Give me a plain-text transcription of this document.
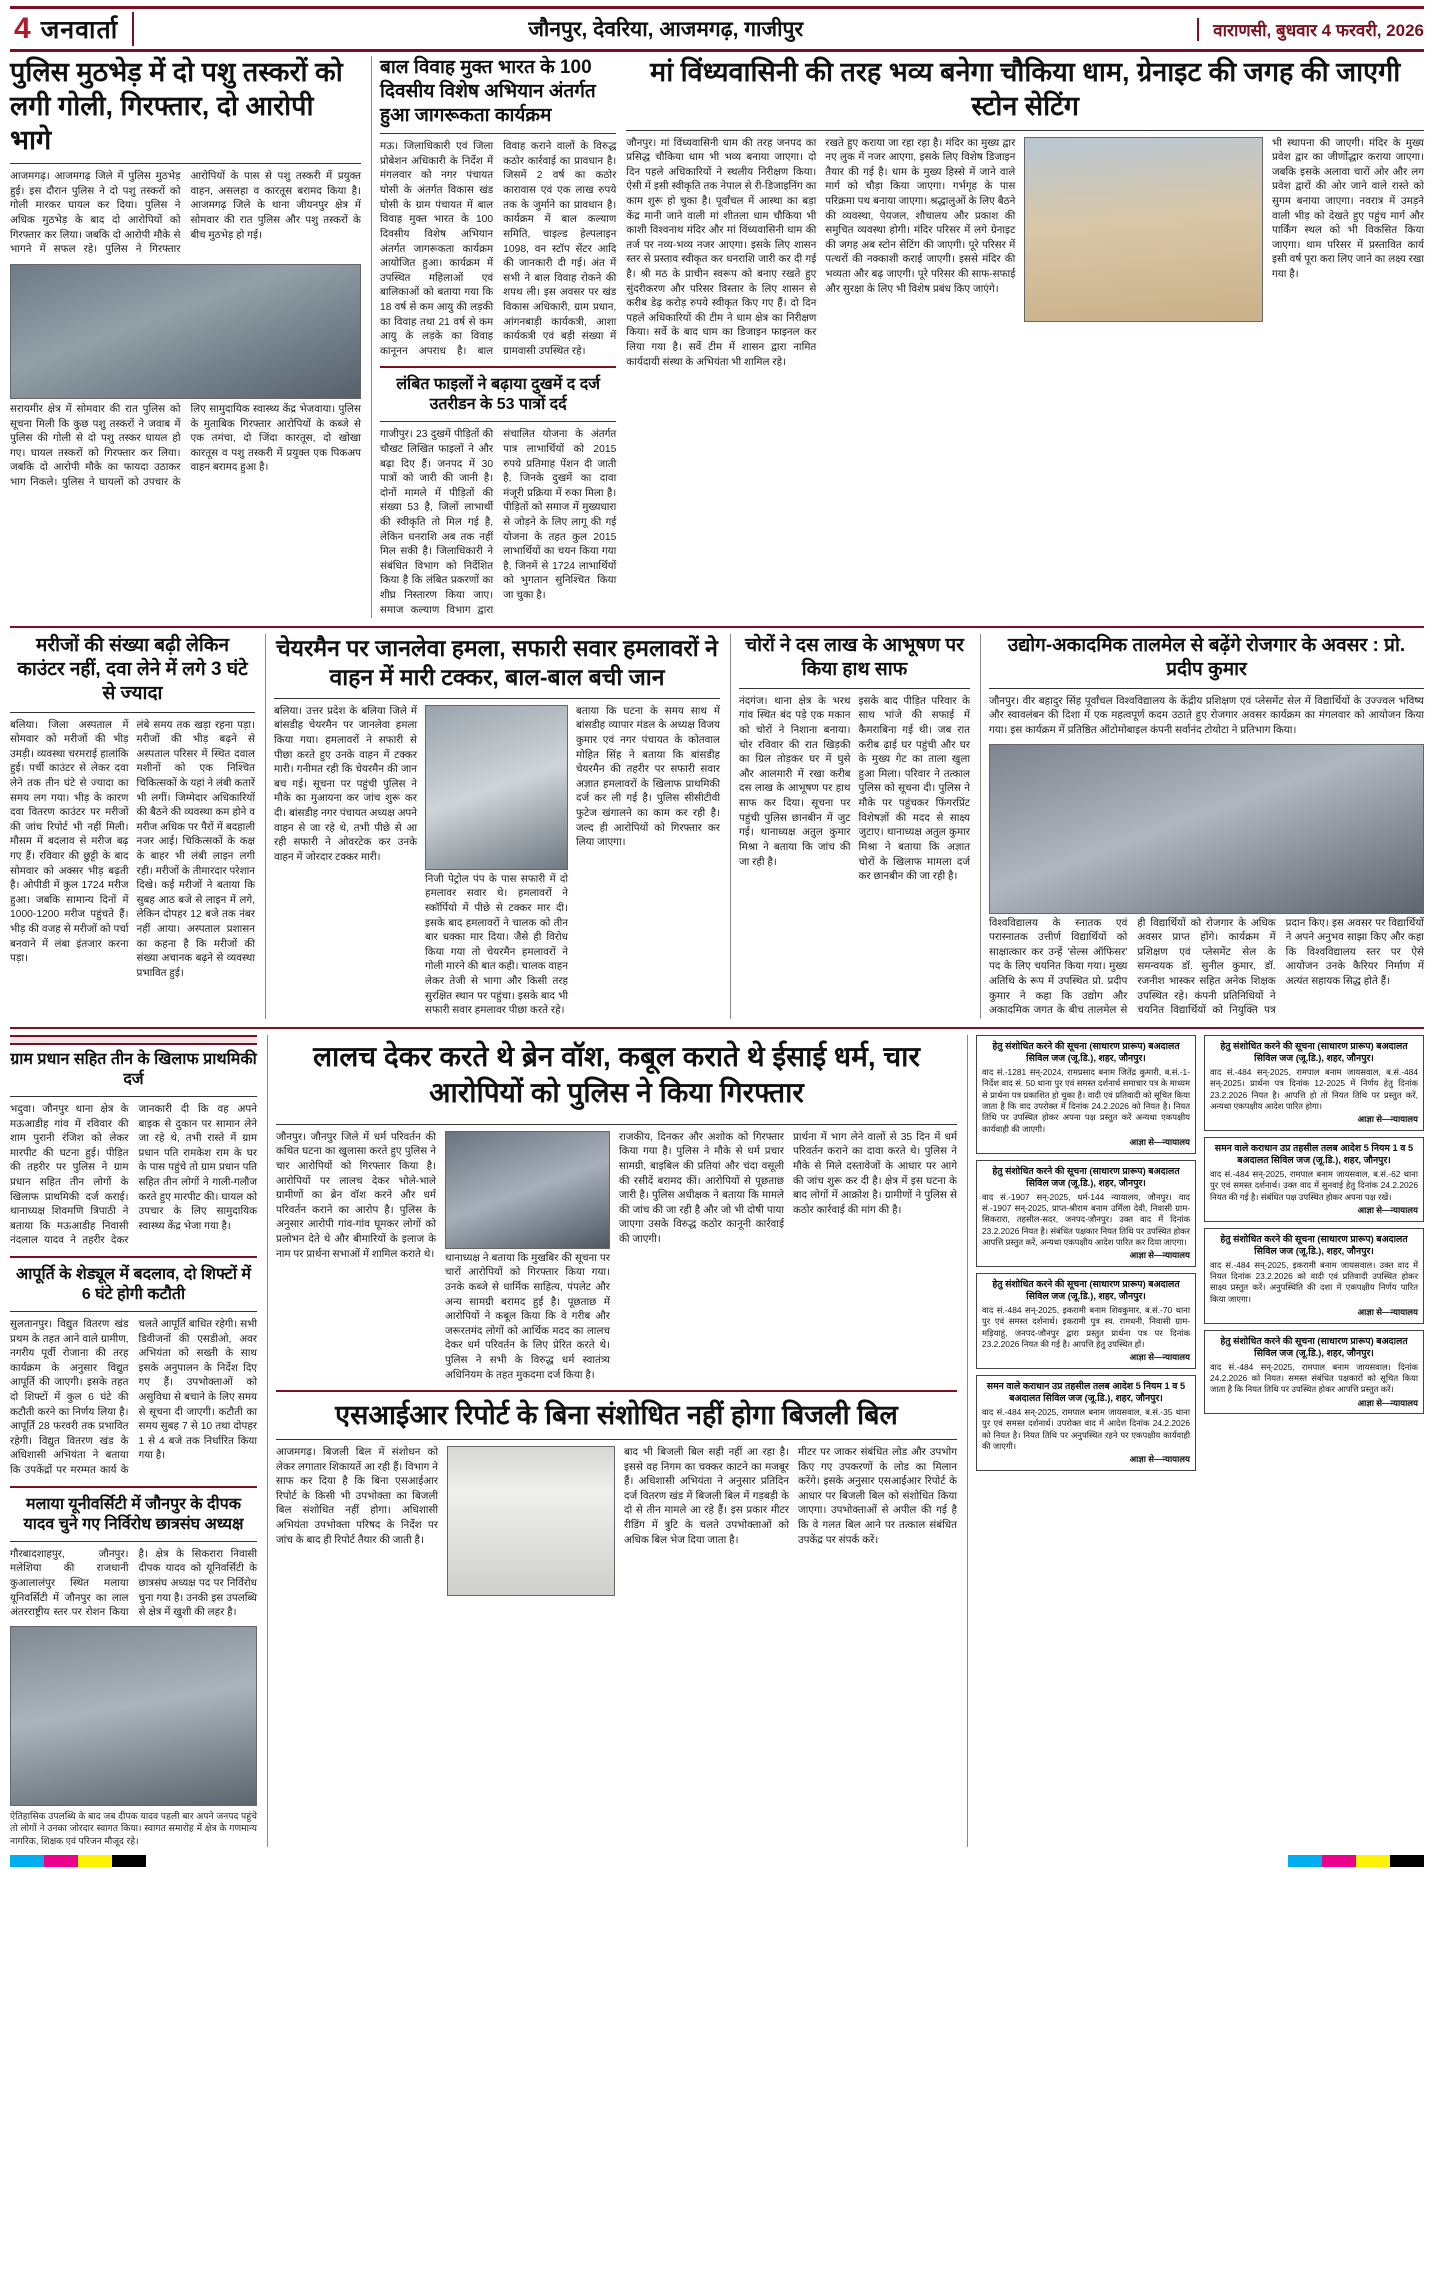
4 जनवार्ता	जौनपुर, देवरिया, आजमगढ़, गाजीपुर	वाराणसी, बुधवार 4 फरवरी, 2026
पुलिस मुठभेड़ में दो पशु तस्करों को लगी गोली, गिरफ्तार, दो आरोपी भागे
आजमगढ़। आजमगढ़ जिले में पुलिस मुठभेड़ हुई। इस दौरान पुलिस ने दो पशु तस्करों को गोली मारकर घायल कर दिया। पुलिस ने अधिक मुठभेड़ के बाद दो आरोपियों को गिरफ्तार कर लिया। जबकि दो आरोपी मौके से भागने में सफल रहे। पुलिस ने गिरफ्तार आरोपियों के पास से पशु तस्करी में प्रयुक्त वाहन, असलहा व कारतूस बरामद किया है। आजमगढ़ जिले के थाना जीयनपुर क्षेत्र में सोमवार की रात पुलिस और पशु तस्करों के बीच मुठभेड़ हो गई।
सरायमीर क्षेत्र में सोमवार की रात पुलिस को सूचना मिली कि कुछ पशु तस्करों ने जवाब में पुलिस की गोली से दो पशु तस्कर घायल हो गए। घायल तस्करों को गिरफ्तार कर लिया। जबकि दो आरोपी मौके का फायदा उठाकर भाग निकले। पुलिस ने घायलों को उपचार के लिए सामुदायिक स्वास्थ्य केंद्र भेजवाया। पुलिस के मुताबिक गिरफ्तार आरोपियों के कब्जे से एक तमंचा, दो जिंदा कारतूस, दो खोखा कारतूस व पशु तस्करी में प्रयुक्त एक पिकअप वाहन बरामद हुआ है।
बाल विवाह मुक्त भारत के 100 दिवसीय विशेष अभियान अंतर्गत हुआ जागरूकता कार्यक्रम
मऊ। जिलाधिकारी एवं जिला प्रोबेशन अधिकारी के निर्देश में मंगलवार को नगर पंचायत घोसी के अंतर्गत विकास खंड घोसी के ग्राम पंचायत में बाल विवाह मुक्त भारत के 100 दिवसीय विशेष अभियान अंतर्गत जागरूकता कार्यक्रम आयोजित हुआ। कार्यक्रम में उपस्थित महिलाओं एवं बालिकाओं को बताया गया कि 18 वर्ष से कम आयु की लड़की का विवाह तथा 21 वर्ष से कम आयु के लड़के का विवाह कानूनन अपराध है। बाल विवाह कराने वालों के विरुद्ध कठोर कार्रवाई का प्रावधान है। जिसमें 2 वर्ष का कठोर कारावास एवं एक लाख रुपये तक के जुर्माने का प्रावधान है। कार्यक्रम में बाल कल्याण समिति, चाइल्ड हेल्पलाइन 1098, वन स्टॉप सेंटर आदि की जानकारी दी गई। अंत में सभी ने बाल विवाह रोकने की शपथ ली। इस अवसर पर खंड विकास अधिकारी, ग्राम प्रधान, आंगनबाड़ी कार्यकत्री, आशा कार्यकत्री एवं बड़ी संख्या में ग्रामवासी उपस्थित रहे।
लंबित फाइलों ने बढ़ाया दुखमें द दर्ज उतरीडन के 53 पात्रों दर्द
गाजीपुर। 23 दुखमें पीड़ितों की चौखट लिखित फाइलों ने और बढ़ा दिए हैं। जनपद में 30 पात्रों को जारी की जानी है। दोनों मामले में पीड़ितों की संख्या 53 है, जिलों लाभार्थी की स्वीकृति तो मिल गई है, लेकिन धनराशि अब तक नहीं मिल सकी है। जिलाधिकारी ने संबंधित विभाग को निर्देशित किया है कि लंबित प्रकरणों का शीघ्र निस्तारण किया जाए। समाज कल्याण विभाग द्वारा संचालित योजना के अंतर्गत पात्र लाभार्थियों को 2015 रुपये प्रतिमाह पेंशन दी जाती है, जिनके दुखमें का दावा मंजूरी प्रक्रिया में रुका मिला है। पीड़ितों को समाज में मुख्यधारा से जोड़ने के लिए लागू की गई योजना के तहत कुल 2015 लाभार्थियों का चयन किया गया है, जिनमें से 1724 लाभार्थियों को भुगतान सुनिश्चित किया जा चुका है।
मां विंध्यवासिनी की तरह भव्य बनेगा चौकिया धाम, ग्रेनाइट की जगह की जाएगी स्टोन सेटिंग
जौनपुर। मां विंध्यवासिनी धाम की तरह जनपद का प्रसिद्ध चौकिया धाम भी भव्य बनाया जाएगा। दो दिन पहले अधिकारियों ने स्थलीय निरीक्षण किया। ऐसी में इसी स्वीकृति तक नेपाल से री-डिजाइनिंग का काम शुरू हो चुका है। पूर्वांचल में आस्था का बड़ा केंद्र मानी जाने वाली मां शीतला धाम चौकिया भी काशी विश्वनाथ मंदिर और मां विंध्यवासिनी धाम की तर्ज पर नव्य-भव्य नजर आएगा। इसके लिए शासन स्तर से प्रस्ताव स्वीकृत कर धनराशि जारी कर दी गई है। श्री मठ के प्राचीन स्वरूप को बनाए रखते हुए सुंदरीकरण और परिसर विस्तार के लिए शासन से करीब डेढ़ करोड़ रुपये स्वीकृत किए गए हैं। दो दिन पहले अधिकारियों की टीम ने धाम क्षेत्र का निरीक्षण किया। सर्वे के बाद धाम का डिजाइन फाइनल कर लिया गया है। सर्वे टीम में शासन द्वारा नामित कार्यदायी संस्था के अभियंता भी शामिल रहे।
रखते हुए कराया जा रहा रहा है। मंदिर का मुख्य द्वार नए लुक में नजर आएगा, इसके लिए विशेष डिजाइन तैयार की गई है। धाम के मुख्य हिस्से में जाने वाले मार्ग को चौड़ा किया जाएगा। गर्भगृह के पास परिक्रमा पथ बनाया जाएगा। श्रद्धालुओं के लिए बैठने की व्यवस्था, पेयजल, शौचालय और प्रकाश की समुचित व्यवस्था होगी। मंदिर परिसर में लगे ग्रेनाइट की जगह अब स्टोन सेटिंग की जाएगी। पूरे परिसर में पत्थरों की नक्काशी कराई जाएगी। इससे मंदिर की भव्यता और बढ़ जाएगी। पूरे परिसर की साफ-सफाई और सुरक्षा के लिए भी विशेष प्रबंध किए जाएंगे।
भी स्थापना की जाएगी। मंदिर के मुख्य प्रवेश द्वार का जीर्णोद्धार कराया जाएगा। जबकि इसके अलावा चारों ओर और लग प्रवेश द्वारों की ओर जाने वाले रास्ते को सुगम बनाया जाएगा। नवरात्र में उमड़ने वाली भीड़ को देखते हुए पहुंच मार्ग और पार्किंग स्थल को भी विकसित किया जाएगा। धाम परिसर में प्रस्तावित कार्य इसी वर्ष पूरा करा लिए जाने का लक्ष्य रखा गया है।
मरीजों की संख्या बढ़ी लेकिन काउंटर नहीं, दवा लेने में लगे 3 घंटे से ज्यादा
बलिया। जिला अस्पताल में सोमवार को मरीजों की भीड़ उमड़ी। व्यवस्था चरमराई हालांकि हुई। पर्ची काउंटर से लेकर दवा लेने तक तीन घंटे से ज्यादा का समय लग गया। भीड़ के कारण दवा वितरण काउंटर पर मरीजों की जांच रिपोर्ट भी नहीं मिली। मौसम में बदलाव से मरीज बढ़ गए हैं। रविवार की छुट्टी के बाद सोमवार को अक्सर भीड़ बढ़ती है। ओपीडी में कुल 1724 मरीज हुआ। जबकि सामान्य दिनों में 1000-1200 मरीज पहुंचते हैं। भीड़ की वजह से मरीजों को पर्चा बनवाने में लंबा इंतजार करना पड़ा।
लंबे समय तक खड़ा रहना पड़ा। मरीजों की भीड़ बढ़ने से अस्पताल परिसर में स्थित दवाल मशीनों को एक निश्चित चिकित्सकों के यहां ने लंबी कतारें भी लगीं। जिम्मेदार अधिकारियों की बैठने की व्यवस्था कम होने व मरीज अधिक पर पैरों में बदहाली नजर आई। चिकित्सकों के कक्ष के बाहर भी लंबी लाइन लगी रही। मरीजों के तीमारदार परेशान दिखे। कई मरीजों ने बताया कि सुबह आठ बजे से लाइन में लगे, लेकिन दोपहर 12 बजे तक नंबर नहीं आया। अस्पताल प्रशासन का कहना है कि मरीजों की संख्या अचानक बढ़ने से व्यवस्था प्रभावित हुई।
चेयरमैन पर जानलेवा हमला, सफारी सवार हमलावरों ने वाहन में मारी टक्कर, बाल-बाल बची जान
बलिया। उत्तर प्रदेश के बलिया जिले में बांसडीह चेयरमैन पर जानलेवा हमला किया गया। हमलावरों ने सफारी से पीछा करते हुए उनके वाहन में टक्कर मारी। गनीमत रही कि चेयरमैन की जान बच गई। सूचना पर पहुंची पुलिस ने मौके का मुआयना कर जांच शुरू कर दी। बांसडीह नगर पंचायत अध्यक्ष अपने वाहन से जा रहे थे, तभी पीछे से आ रही सफारी ने ओवरटेक कर उनके वाहन में जोरदार टक्कर मारी।
निजी पेट्रोल पंप के पास सफारी में दो हमलावर सवार थे। हमलावरों ने स्कॉर्पियो में पीछे से टक्कर मार दी। इसके बाद हमलावरों ने चालक को तीन बार धक्का मार दिया। जैसे ही विरोध किया गया तो चेयरमैन हमलावरों ने गोली मारने की बात कही। चालक वाहन लेकर तेजी से भागा और किसी तरह सुरक्षित स्थान पर पहुंचा। इसके बाद भी सफारी सवार हमलावर पीछा करते रहे।
बताया कि घटना के समय साथ में बांसडीह व्यापार मंडल के अध्यक्ष विजय कुमार एवं नगर पंचायत के कोतवाल मोहित सिंह ने बताया कि बांसडीह चेयरमैन की तहरीर पर सफारी सवार अज्ञात हमलावरों के खिलाफ प्राथमिकी दर्ज कर ली गई है। पुलिस सीसीटीवी फुटेज खंगालने का काम कर रही है। जल्द ही आरोपियों को गिरफ्तार कर लिया जाएगा।
चोरों ने दस लाख के आभूषण पर किया हाथ साफ
नंदगंज। थाना क्षेत्र के भरथ गांव स्थित बंद पड़े एक मकान को चोरों ने निशाना बनाया। चोर रविवार की रात खिड़की का ग्रिल तोड़कर घर में घुसे और आलमारी में रखा करीब दस लाख के आभूषण पर हाथ साफ कर दिया। सूचना पर पहुंची पुलिस छानबीन में जुट गई। थानाध्यक्ष अतुल कुमार मिश्रा ने बताया कि जांच की जा रही है।
इसके बाद पीड़ित परिवार के साथ भांजे की सफाई में कैमराबिना गई थी। जब रात करीब ढ़ाई घर पहुंची और घर के मुख्य गेट का ताला खुला हुआ मिला। परिवार ने तत्काल पुलिस को सूचना दी। पुलिस ने मौके पर पहुंचकर फिंगरप्रिंट विशेषज्ञों की मदद से साक्ष्य जुटाए। थानाध्यक्ष अतुल कुमार मिश्रा ने बताया कि अज्ञात चोरों के खिलाफ मामला दर्ज कर छानबीन की जा रही है।
उद्योग-अकादमिक तालमेल से बढ़ेंगे रोजगार के अवसर : प्रो. प्रदीप कुमार
जौनपुर। वीर बहादुर सिंह पूर्वांचल विश्वविद्यालय के केंद्रीय प्रशिक्षण एवं प्लेसमेंट सेल में विद्यार्थियों के उज्ज्वल भविष्य और स्वावलंबन की दिशा में एक महत्वपूर्ण कदम उठाते हुए रोजगार अवसर कार्यक्रम का मंगलवार को आयोजन किया गया। इस कार्यक्रम में प्रतिष्ठित ऑटोमोबाइल कंपनी सर्वानंद टोयोटा ने प्रतिभाग किया।
विश्वविद्यालय के स्नातक एवं परास्नातक उत्तीर्ण विद्यार्थियों को साक्षात्कार कर उन्हें 'सेल्स ऑफिसर' पद के लिए चयनित किया गया। मुख्य अतिथि के रूप में उपस्थित प्रो. प्रदीप कुमार ने कहा कि उद्योग और अकादमिक जगत के बीच तालमेल से ही विद्यार्थियों को रोजगार के अधिक अवसर प्राप्त होंगे। कार्यक्रम में प्रशिक्षण एवं प्लेसमेंट सेल के समन्वयक डॉ. सुनील कुमार, डॉ. रजनीश भास्कर सहित अनेक शिक्षक उपस्थित रहे। कंपनी प्रतिनिधियों ने चयनित विद्यार्थियों को नियुक्ति पत्र प्रदान किए। इस अवसर पर विद्यार्थियों ने अपने अनुभव साझा किए और कहा कि विश्वविद्यालय स्तर पर ऐसे आयोजन उनके कैरियर निर्माण में अत्यंत सहायक सिद्ध होते हैं।
ग्राम प्रधान सहित तीन के खिलाफ प्राथमिकी दर्ज
भदुवा। जौनपुर थाना क्षेत्र के मऊआडीह गांव में रविवार की शाम पुरानी रंजिश को लेकर मारपीट की घटना हुई। पीड़ित की तहरीर पर पुलिस ने ग्राम प्रधान सहित तीन लोगों के खिलाफ प्राथमिकी दर्ज कराई। थानाध्यक्ष शिवमणि त्रिपाठी ने बताया कि मऊआडीह निवासी नंदलाल यादव ने तहरीर देकर जानकारी दी कि वह अपने बाइक से दुकान पर सामान लेने जा रहे थे, तभी रास्ते में ग्राम प्रधान पति रामकेश राम के घर के पास पहुंचे तो ग्राम प्रधान पति सहित तीन लोगों ने गाली-गलौज करते हुए मारपीट की। घायल को उपचार के लिए सामुदायिक स्वास्थ्य केंद्र भेजा गया है।
आपूर्ति के शेड्यूल में बदलाव, दो शिफ्टों में 6 घंटे होगी कटौती
सुलतानपुर। विद्युत वितरण खंड प्रथम के तहत आने वाले ग्रामीण, नगरीय पूर्वी रोजाना की तरह कार्यक्रम के अनुसार विद्युत आपूर्ति की जाएगी। इसके तहत दो शिफ्टों में कुल 6 घंटे की कटौती करने का निर्णय लिया है। आपूर्ति 28 फरवरी तक प्रभावित रहेगी। विद्युत वितरण खंड के अधिशासी अभियंता ने बताया कि उपकेंद्रों पर मरम्मत कार्य के चलते आपूर्ति बाधित रहेगी। सभी डिवीजनों की एसडीओ, अवर अभियंता को सख्ती के साथ इसके अनुपालन के निर्देश दिए गए हैं। उपभोक्ताओं को असुविधा से बचाने के लिए समय से सूचना दी जाएगी। कटौती का समय सुबह 7 से 10 तथा दोपहर 1 से 4 बजे तक निर्धारित किया गया है।
मलाया यूनीवर्सिटी में जौनपुर के दीपक यादव चुने गए निर्विरोध छात्रसंघ अध्यक्ष
गौरबादशाहपुर, जौनपुर। मलेशिया की राजधानी कुआलालंपुर स्थित मलाया यूनिवर्सिटी में जौनपुर का लाल अंतरराष्ट्रीय स्तर पर रोशन किया है। क्षेत्र के सिकरारा निवासी दीपक यादव को यूनिवर्सिटी के छात्रसंघ अध्यक्ष पद पर निर्विरोध चुना गया है। उनकी इस उपलब्धि से क्षेत्र में खुशी की लहर है।
ऐतिहासिक उपलब्धि के बाद जब दीपक यादव पहली बार अपने जनपद पहुंचे तो लोगों ने उनका जोरदार स्वागत किया। स्वागत समारोह में क्षेत्र के गणमान्य नागरिक, शिक्षक एवं परिजन मौजूद रहे।
लालच देकर करते थे ब्रेन वॉश, कबूल कराते थे ईसाई धर्म, चार आरोपियों को पुलिस ने किया गिरफ्तार
जौनपुर। जौनपुर जिले में धर्म परिवर्तन की कथित घटना का खुलासा करते हुए पुलिस ने चार आरोपियों को गिरफ्तार किया है। आरोपियों पर लालच देकर भोले-भाले ग्रामीणों का ब्रेन वॉश करने और धर्म परिवर्तन कराने का आरोप है। पुलिस के अनुसार आरोपी गांव-गांव घूमकर लोगों को प्रलोभन देते थे और बीमारियों के इलाज के नाम पर प्रार्थना सभाओं में शामिल कराते थे। थानाध्यक्ष ने बताया कि मुखबिर की सूचना पर चारों आरोपियों को गिरफ्तार किया गया। उनके कब्जे से धार्मिक साहित्य, पंपलेट और अन्य सामग्री बरामद हुई है। पूछताछ में आरोपियों ने कबूल किया कि वे गरीब और जरूरतमंद लोगों को आर्थिक मदद का लालच देकर धर्म परिवर्तन के लिए प्रेरित करते थे। पुलिस ने सभी के विरुद्ध धर्म स्वातंत्र्य अधिनियम के तहत मुकदमा दर्ज किया है।
राजकीय, दिनकर और अशोक को गिरफ्तार किया गया है। पुलिस ने मौके से धर्म प्रचार सामग्री, बाइबिल की प्रतियां और चंदा वसूली की रसीदें बरामद कीं। आरोपियों से पूछताछ जारी है। पुलिस अधीक्षक ने बताया कि मामले की जांच की जा रही है और जो भी दोषी पाया जाएगा उसके विरुद्ध कठोर कानूनी कार्रवाई की जाएगी।
प्रार्थना में भाग लेने वालों से 35 दिन में धर्म परिवर्तन कराने का दावा करते थे। पुलिस ने मौके से मिले दस्तावेजों के आधार पर आगे की जांच शुरू कर दी है। क्षेत्र में इस घटना के बाद लोगों में आक्रोश है। ग्रामीणों ने पुलिस से कठोर कार्रवाई की मांग की है।
एसआईआर रिपोर्ट के बिना संशोधित नहीं होगा बिजली बिल
आजमगढ़। बिजली बिल में संशोधन को लेकर लगातार शिकायतें आ रही हैं। विभाग ने साफ कर दिया है कि बिना एसआईआर रिपोर्ट के किसी भी उपभोक्ता का बिजली बिल संशोधित नहीं होगा। अधिशासी अभियंता उपभोक्ता परिषद के निर्देश पर जांच के बाद ही रिपोर्ट तैयार की जाती है।
बाद भी बिजली बिल सही नहीं आ रहा है। इससे वह निगम का चक्कर काटने का मजबूर हैं। अधिशासी अभियंता ने अनुसार प्रतिदिन दर्ज वितरण खंड में बिजली बिल में गड़बड़ी के दो से तीन मामले आ रहे हैं। इस प्रकार मीटर रीडिंग में त्रुटि के चलते उपभोक्ताओं को अधिक बिल भेज दिया जाता है।
मीटर पर जाकर संबंधित लोड और उपभोग किए गए उपकरणों के लोड का मिलान करेंगे। इसके अनुसार एसआईआर रिपोर्ट के आधार पर बिजली बिल को संशोधित किया जाएगा। उपभोक्ताओं से अपील की गई है कि वे गलत बिल आने पर तत्काल संबंधित उपकेंद्र पर संपर्क करें।
हेतु संशोधित करने की सूचना (साधारण प्रारूप) बअदालत सिविल जज (जू.डि.), शहर, जौनपुर।
वाद सं.-1281 सन्-2024, रामप्रसाद बनाम जितेंद्र कुमारी, ब.सं.-1-निर्देश वाद सं. 50 थाना पुर एवं समस्त दर्शनार्थ समाचार पत्र के माध्यम से प्रार्थना पत्र प्रकाशित हो चुका है। वादी एवं प्रतिवादी को सूचित किया जाता है कि वाद उपरोक्त में दिनांक 24.2.2026 को नियत है। नियत तिथि पर उपस्थित होकर अपना पक्ष प्रस्तुत करें अन्यथा एकपक्षीय कार्यवाही की जाएगी।
आज्ञा से—न्यायालय
हेतु संशोधित करने की सूचना (साधारण प्रारूप) बअदालत सिविल जज (जू.डि.), शहर, जौनपुर।
वाद सं.-1907 सन्-2025, धर्म-144 न्यायालय, जौनपुर। वाद सं.-1907 सन्-2025, प्राप्त-श्रीराम बनाम उर्मिला देवी, निवासी ग्राम-सिकरारा, तहसील-सदर, जनपद-जौनपुर। उक्त वाद में दिनांक 23.2.2026 नियत है। संबंधित पक्षकार नियत तिथि पर उपस्थित होकर आपत्ति प्रस्तुत करें, अन्यथा एकपक्षीय आदेश पारित कर दिया जाएगा।
आज्ञा से—न्यायालय
हेतु संशोधित करने की सूचना (साधारण प्रारूप) बअदालत सिविल जज (जू.डि.), शहर, जौनपुर।
वाद सं.-484 सन्-2025, इकरामी बनाम शिवकुमार, ब.सं.-70 थाना पुर एवं समस्त दर्शनार्थ। इकरामी पुत्र स्व. रामधनी, निवासी ग्राम-मड़ियाहूं, जनपद-जौनपुर द्वारा प्रस्तुत प्रार्थना पत्र पर दिनांक 23.2.2026 नियत की गई है। आपत्ति हेतु उपस्थित हों।
आज्ञा से—न्यायालय
समन वाले कराधान उप्र तहसील तलब आदेश 5 नियम 1 व 5 बअदालत सिविल जज (जू.डि.), शहर, जौनपुर।
वाद सं.-484 सन्-2025, रामपाल बनाम जायसवाल, ब.सं.-35 थाना पुर एवं समस्त दर्शनार्थ। उपरोक्त वाद में आदेश दिनांक 24.2.2026 को नियत है। नियत तिथि पर अनुपस्थित रहने पर एकपक्षीय कार्यवाही की जाएगी।
आज्ञा से—न्यायालय
हेतु संशोधित करने की सूचना (साधारण प्रारूप) बअदालत सिविल जज (जू.डि.), शहर, जौनपुर।
वाद सं.-484 सन्-2025, रामपाल बनाम जायसवाल, ब.सं.-484 सन्-2025। प्रार्थना पत्र दिनांक 12-2025 में निर्णय हेतु दिनांक 23.2.2026 नियत है। आपत्ति हो तो नियत तिथि पर प्रस्तुत करें, अन्यथा एकपक्षीय आदेश पारित होगा।
आज्ञा से—न्यायालय
समन वाले कराधान उप्र तहसील तलब आदेश 5 नियम 1 व 5 बअदालत सिविल जज (जू.डि.), शहर, जौनपुर।
वाद सं.-484 सन्-2025, रामपाल बनाम जायसवाल, ब.सं.-62 थाना पुर एवं समस्त दर्शनार्थ। उक्त वाद में सुनवाई हेतु दिनांक 24.2.2026 नियत की गई है। संबंधित पक्ष उपस्थित होकर अपना पक्ष रखें।
आज्ञा से—न्यायालय
हेतु संशोधित करने की सूचना (साधारण प्रारूप) बअदालत सिविल जज (जू.डि.), शहर, जौनपुर।
वाद सं.-484 सन्-2025, इकरामी बनाम जायसवाल। उक्त वाद में नियत दिनांक 23.2.2026 को वादी एवं प्रतिवादी उपस्थित होकर साक्ष्य प्रस्तुत करें। अनुपस्थिति की दशा में एकपक्षीय निर्णय पारित किया जाएगा।
आज्ञा से—न्यायालय
हेतु संशोधित करने की सूचना (साधारण प्रारूप) बअदालत सिविल जज (जू.डि.), शहर, जौनपुर।
वाद सं.-484 सन्-2025, रामपाल बनाम जायसवाल। दिनांक 24.2.2026 को नियत। समस्त संबंधित पक्षकारों को सूचित किया जाता है कि नियत तिथि पर उपस्थित होकर आपत्ति प्रस्तुत करें।
आज्ञा से—न्यायालय
